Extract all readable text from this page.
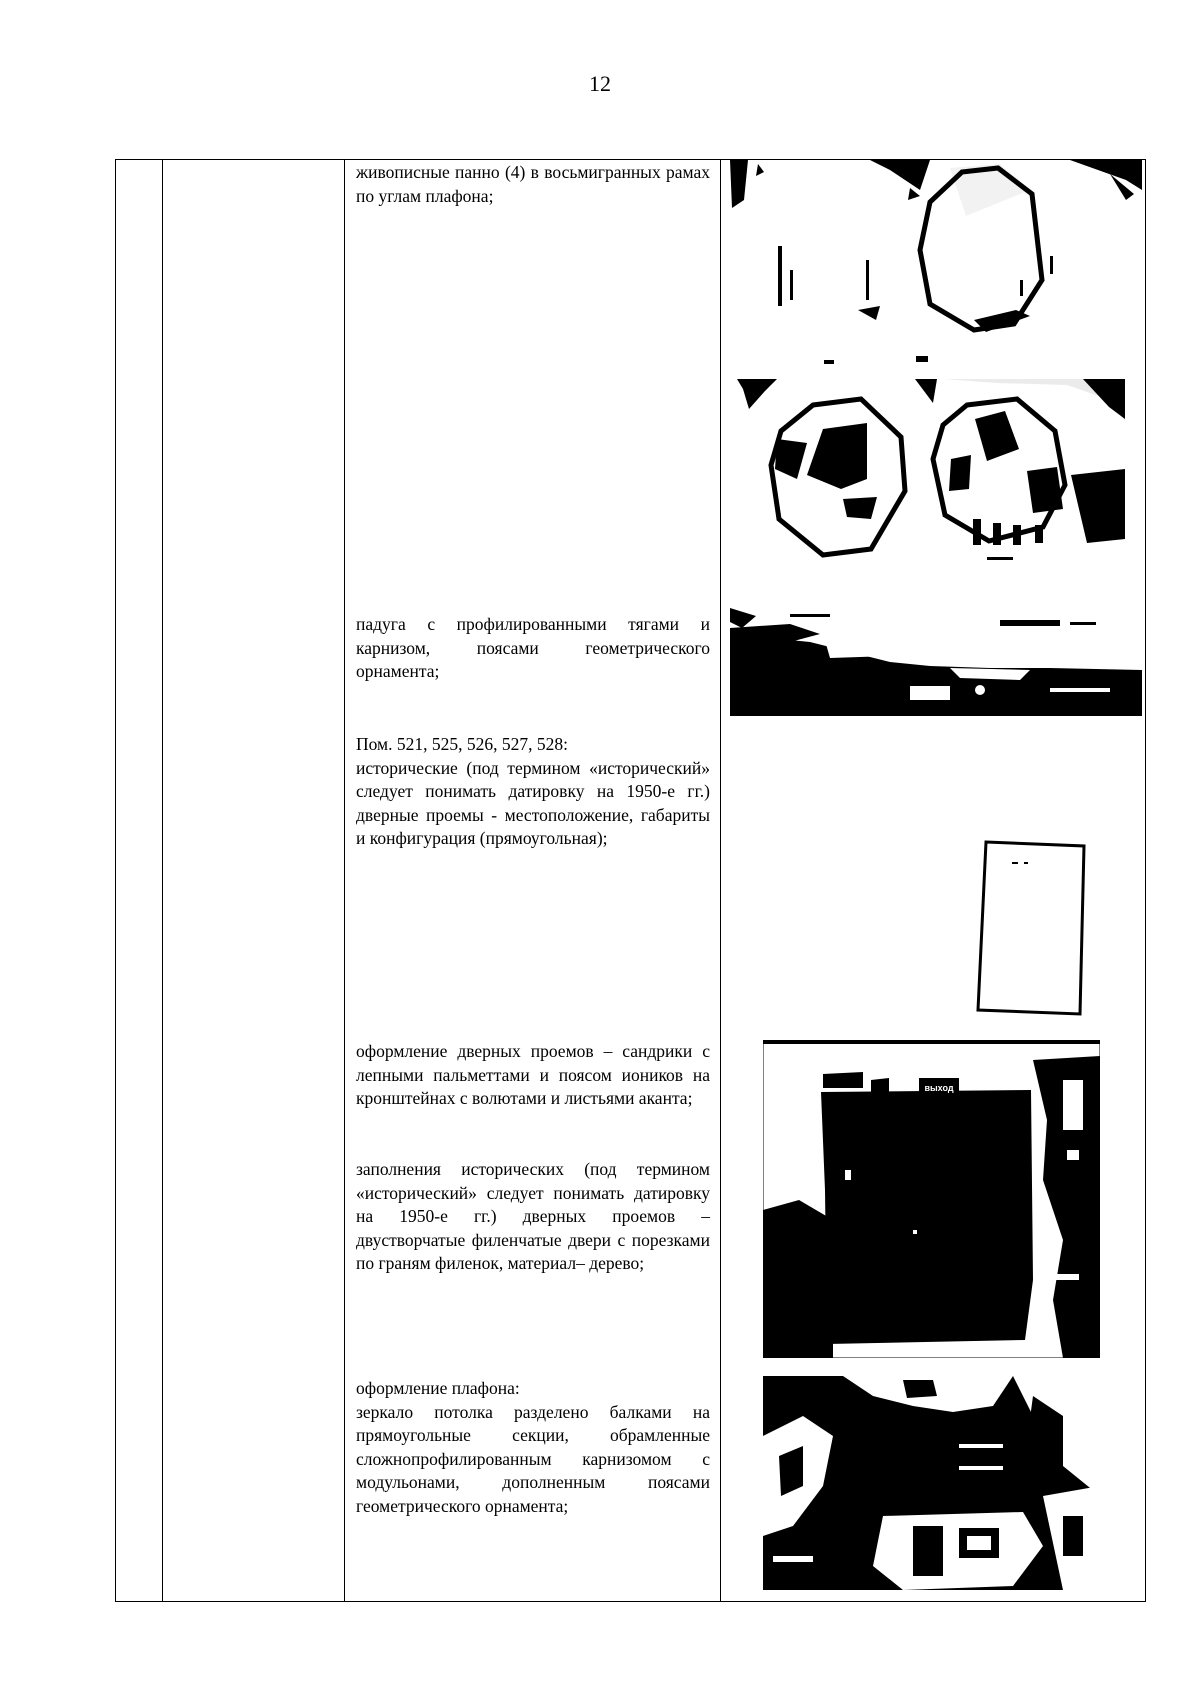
12

живописные панно (4) в восьмигранных рамах по углам плафона;

падуга с профилированными тягами и карнизом, поясами геометрического орнамента;

Пом. 521, 525, 526, 527, 528:

исторические (под термином «исторический» следует понимать датировку на 1950-е гг.) дверные проемы - местоположение, габариты и конфигурация (прямоугольная);

оформление дверных проемов – сандрики с лепными пальметтами и поясом иоников на кронштейнах с волютами и листьями аканта;

заполнения исторических (под термином «исторический» следует понимать датировку на 1950-е гг.) дверных проемов – двустворчатые филенчатые двери с порезками по граням филенок, материал– дерево;

оформление плафона:

зеркало потолка разделено балками на прямоугольные секции, обрамленные сложнопрофилированным карнизомом с модульонами, дополненным поясами геометрического орнамента;

выход
